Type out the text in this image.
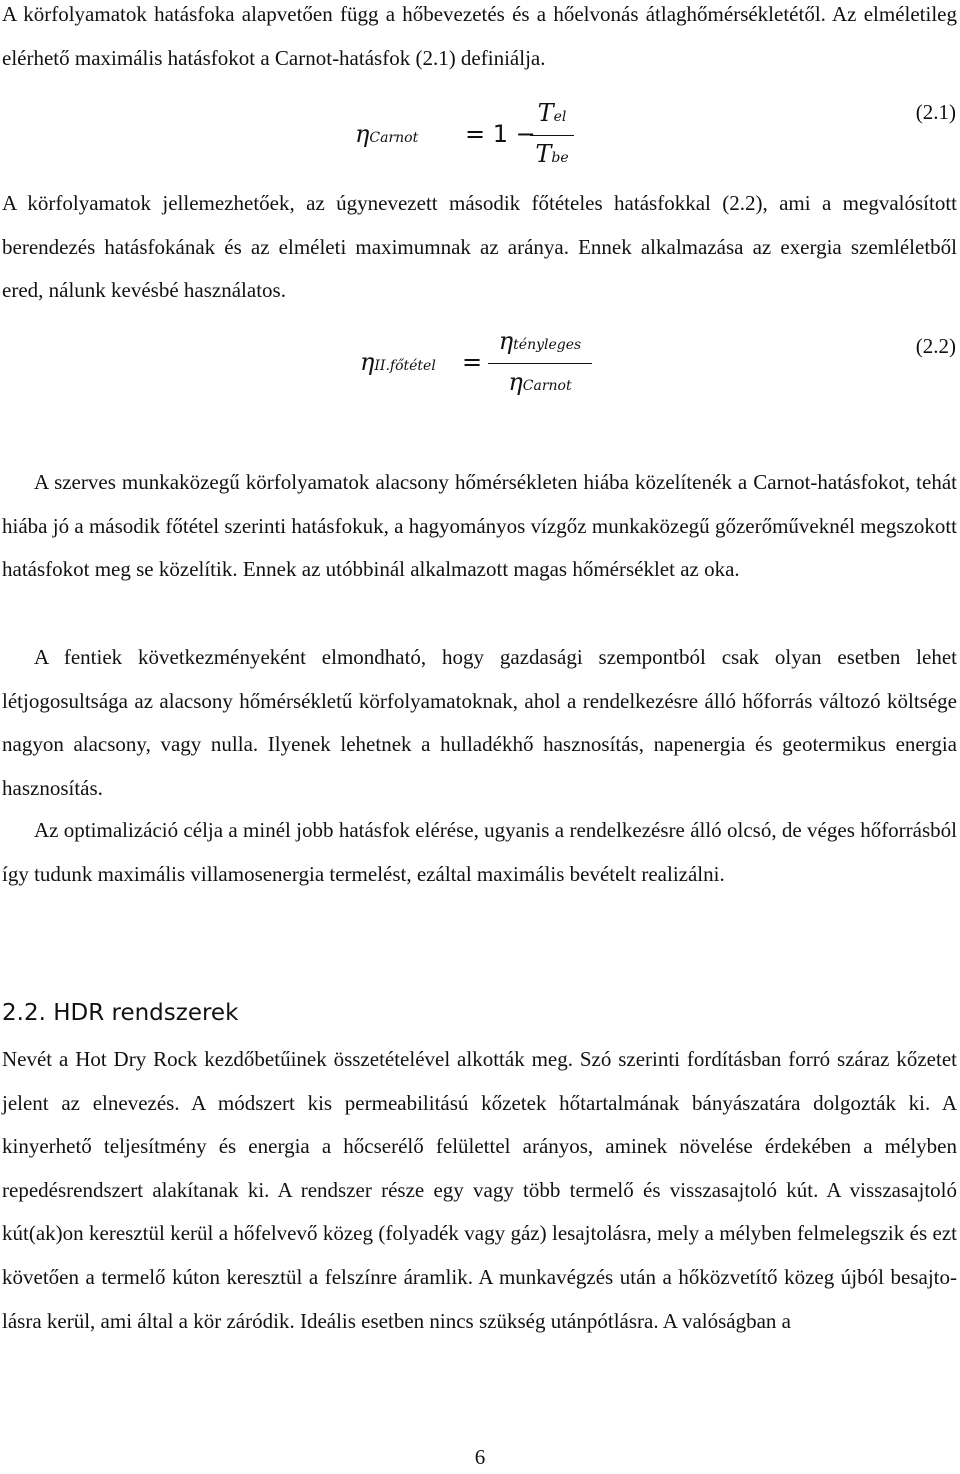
A körfolyamatok hatásfoka alapvetően függ a hőbevezetés és a hőelvonás átlaghőmérsékletétől. Az elméletileg elérhető maximális hatásfokot a Carnot-hatásfok (2.1) definiálja.

ηCarnot = 1 −
Tel
Tbe
(2.1)

A körfolyamatok jellemezhetőek, az úgynevezett második főtételes hatásfokkal (2.2), ami a megvalósított berendezés hatásfokának és az elméleti maximumnak az aránya. Ennek alkalmazása az exergia szemléletből ered, nálunk kevésbé használatos.

ηII.főtétel =
ηtényleges
ηCarnot
(2.2)

A szerves munkaközegű körfolyamatok alacsony hőmérsékleten hiába közelítenék a Carnot-hatásfokot, tehát hiába jó a második főtétel szerinti hatásfokuk, a hagyományos vízgőz munkaközegű gőzerőműveknél megszokott hatásfokot meg se közelítik. Ennek az utóbbinál alkalmazott magas hőmérséklet az oka.

A fentiek következményeként elmondható, hogy gazdasági szempontból csak olyan esetben lehet létjogosultsága az alacsony hőmérsékletű körfolyamatoknak, ahol a rendelkezésre álló hőforrás változó költsége nagyon alacsony, vagy nulla. Ilyenek lehetnek a hulladékhő hasznosítás, napenergia és geotermikus energia hasznosítás.

Az optimalizáció célja a minél jobb hatásfok elérése, ugyanis a rendelkezésre álló olcsó, de véges hőforrásból így tudunk maximális villamosenergia termelést, ezáltal maximális bevételt realizálni.

2.2. HDR rendszerek

Nevét a Hot Dry Rock kezdőbetűinek összetételével alkották meg. Szó szerinti fordításban forró száraz kőzetet jelent az elnevezés. A módszert kis permeabilitású kőzetek hőtartalmának bányászatára dolgozták ki. A kinyerhető teljesítmény és energia a hőcserélő felülettel arányos, aminek növelése érdekében a mélyben repedésrendszert alakítanak ki. A rendszer része egy vagy több termelő és visszasajtoló kút. A visszasajtoló kút(ak)on keresztül kerül a hőfelvevő közeg (folyadék vagy gáz) lesajtolásra, mely a mélyben felmelegszik és ezt követően a termelő kúton keresztül a felszínre áramlik. A munkavégzés után a hőközvetítő közeg újból besajtolásra kerül, ami által a kör záródik. Ideális esetben nincs szükség utánpótlásra. A valóságban a

6
